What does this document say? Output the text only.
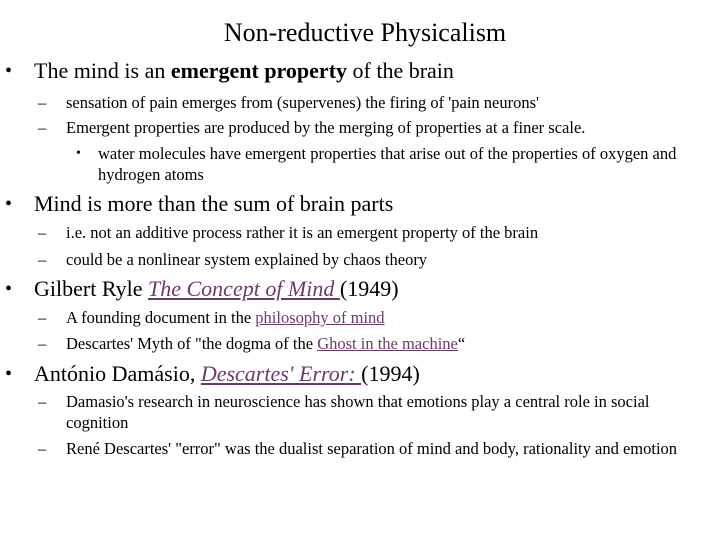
Non-reductive Physicalism
• The mind is an emergent property of the brain
– sensation of pain emerges from (supervenes) the firing of 'pain neurons'
– Emergent properties are produced by the merging of properties at a finer scale.
• water molecules have emergent properties that arise out of the properties of oxygen and hydrogen atoms
• Mind is more than the sum of brain parts
– i.e. not an additive process rather it is an emergent property of the brain
– could be a nonlinear system explained by chaos theory
• Gilbert Ryle The Concept of Mind (1949)
– A founding document in the philosophy of mind
– Descartes' Myth of "the dogma of the Ghost in the machine“
• António Damásio, Descartes' Error: (1994)
– Damasio's research in neuroscience has shown that emotions play a central role in social cognition
– René Descartes' "error" was the dualist separation of mind and body, rationality and emotion
